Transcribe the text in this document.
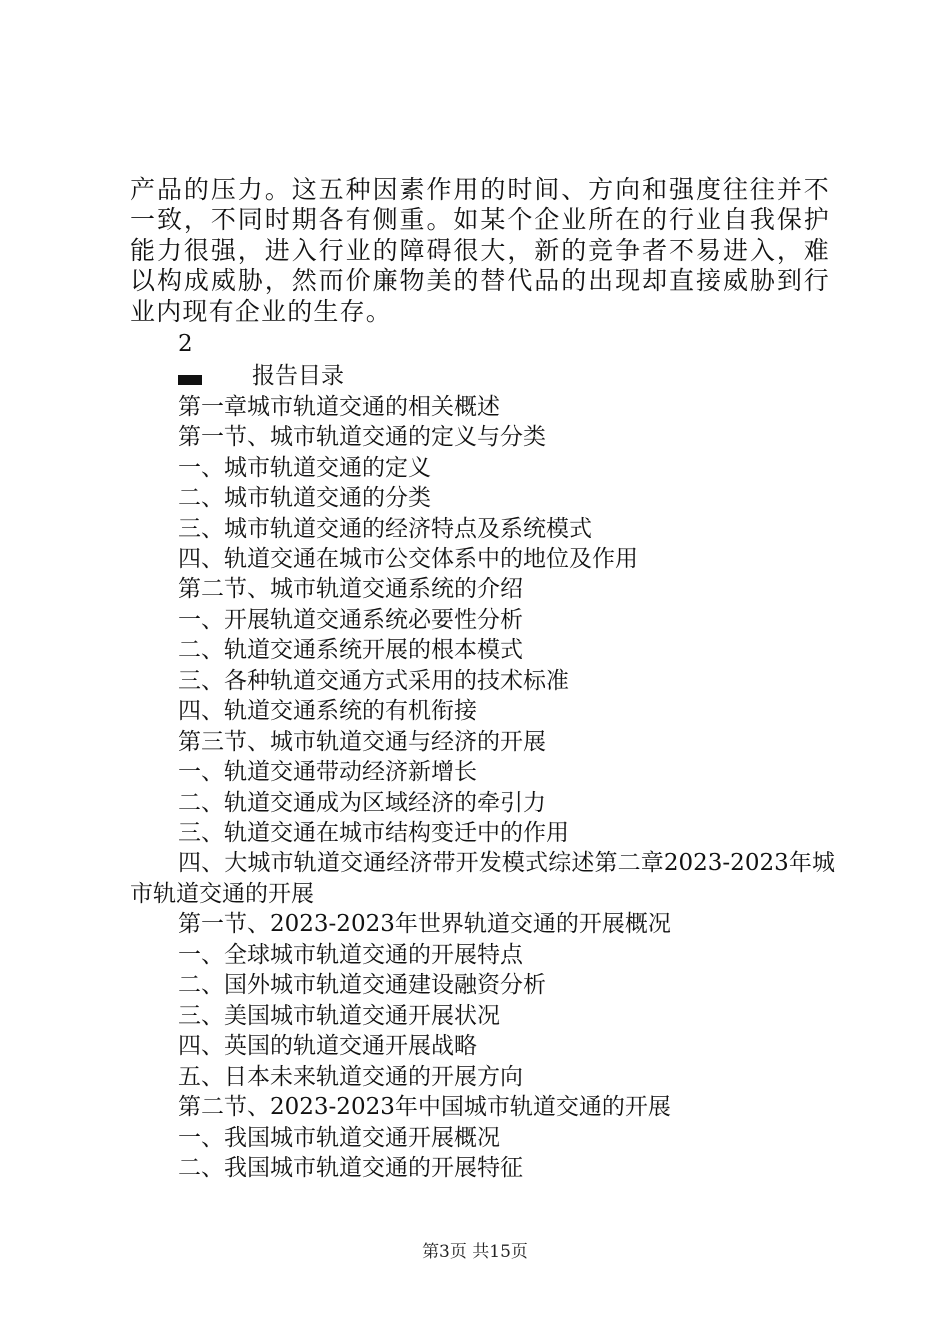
产品的压力。这五种因素作用的时间、方向和强度往往并不一致，不同时期各有侧重。如某个企业所在的行业自我保护能力很强，进入行业的障碍很大，新的竞争者不易进入，难以构成威胁，然而价廉物美的替代品的出现却直接威胁到行业内现有企业的生存。

2
报告目录
第一章城市轨道交通的相关概述
第一节、城市轨道交通的定义与分类
一、城市轨道交通的定义
二、城市轨道交通的分类
三、城市轨道交通的经济特点及系统模式
四、轨道交通在城市公交体系中的地位及作用
第二节、城市轨道交通系统的介绍
一、开展轨道交通系统必要性分析
二、轨道交通系统开展的根本模式
三、各种轨道交通方式采用的技术标准
四、轨道交通系统的有机衔接
第三节、城市轨道交通与经济的开展
一、轨道交通带动经济新增长
二、轨道交通成为区域经济的牵引力
三、轨道交通在城市结构变迁中的作用
四、大城市轨道交通经济带开发模式综述第二章2023-2023年城市轨道交通的开展
第一节、2023-2023年世界轨道交通的开展概况
一、全球城市轨道交通的开展特点
二、国外城市轨道交通建设融资分析
三、美国城市轨道交通开展状况
四、英国的轨道交通开展战略
五、日本未来轨道交通的开展方向
第二节、2023-2023年中国城市轨道交通的开展
一、我国城市轨道交通开展概况
二、我国城市轨道交通的开展特征
第3页 共15页
